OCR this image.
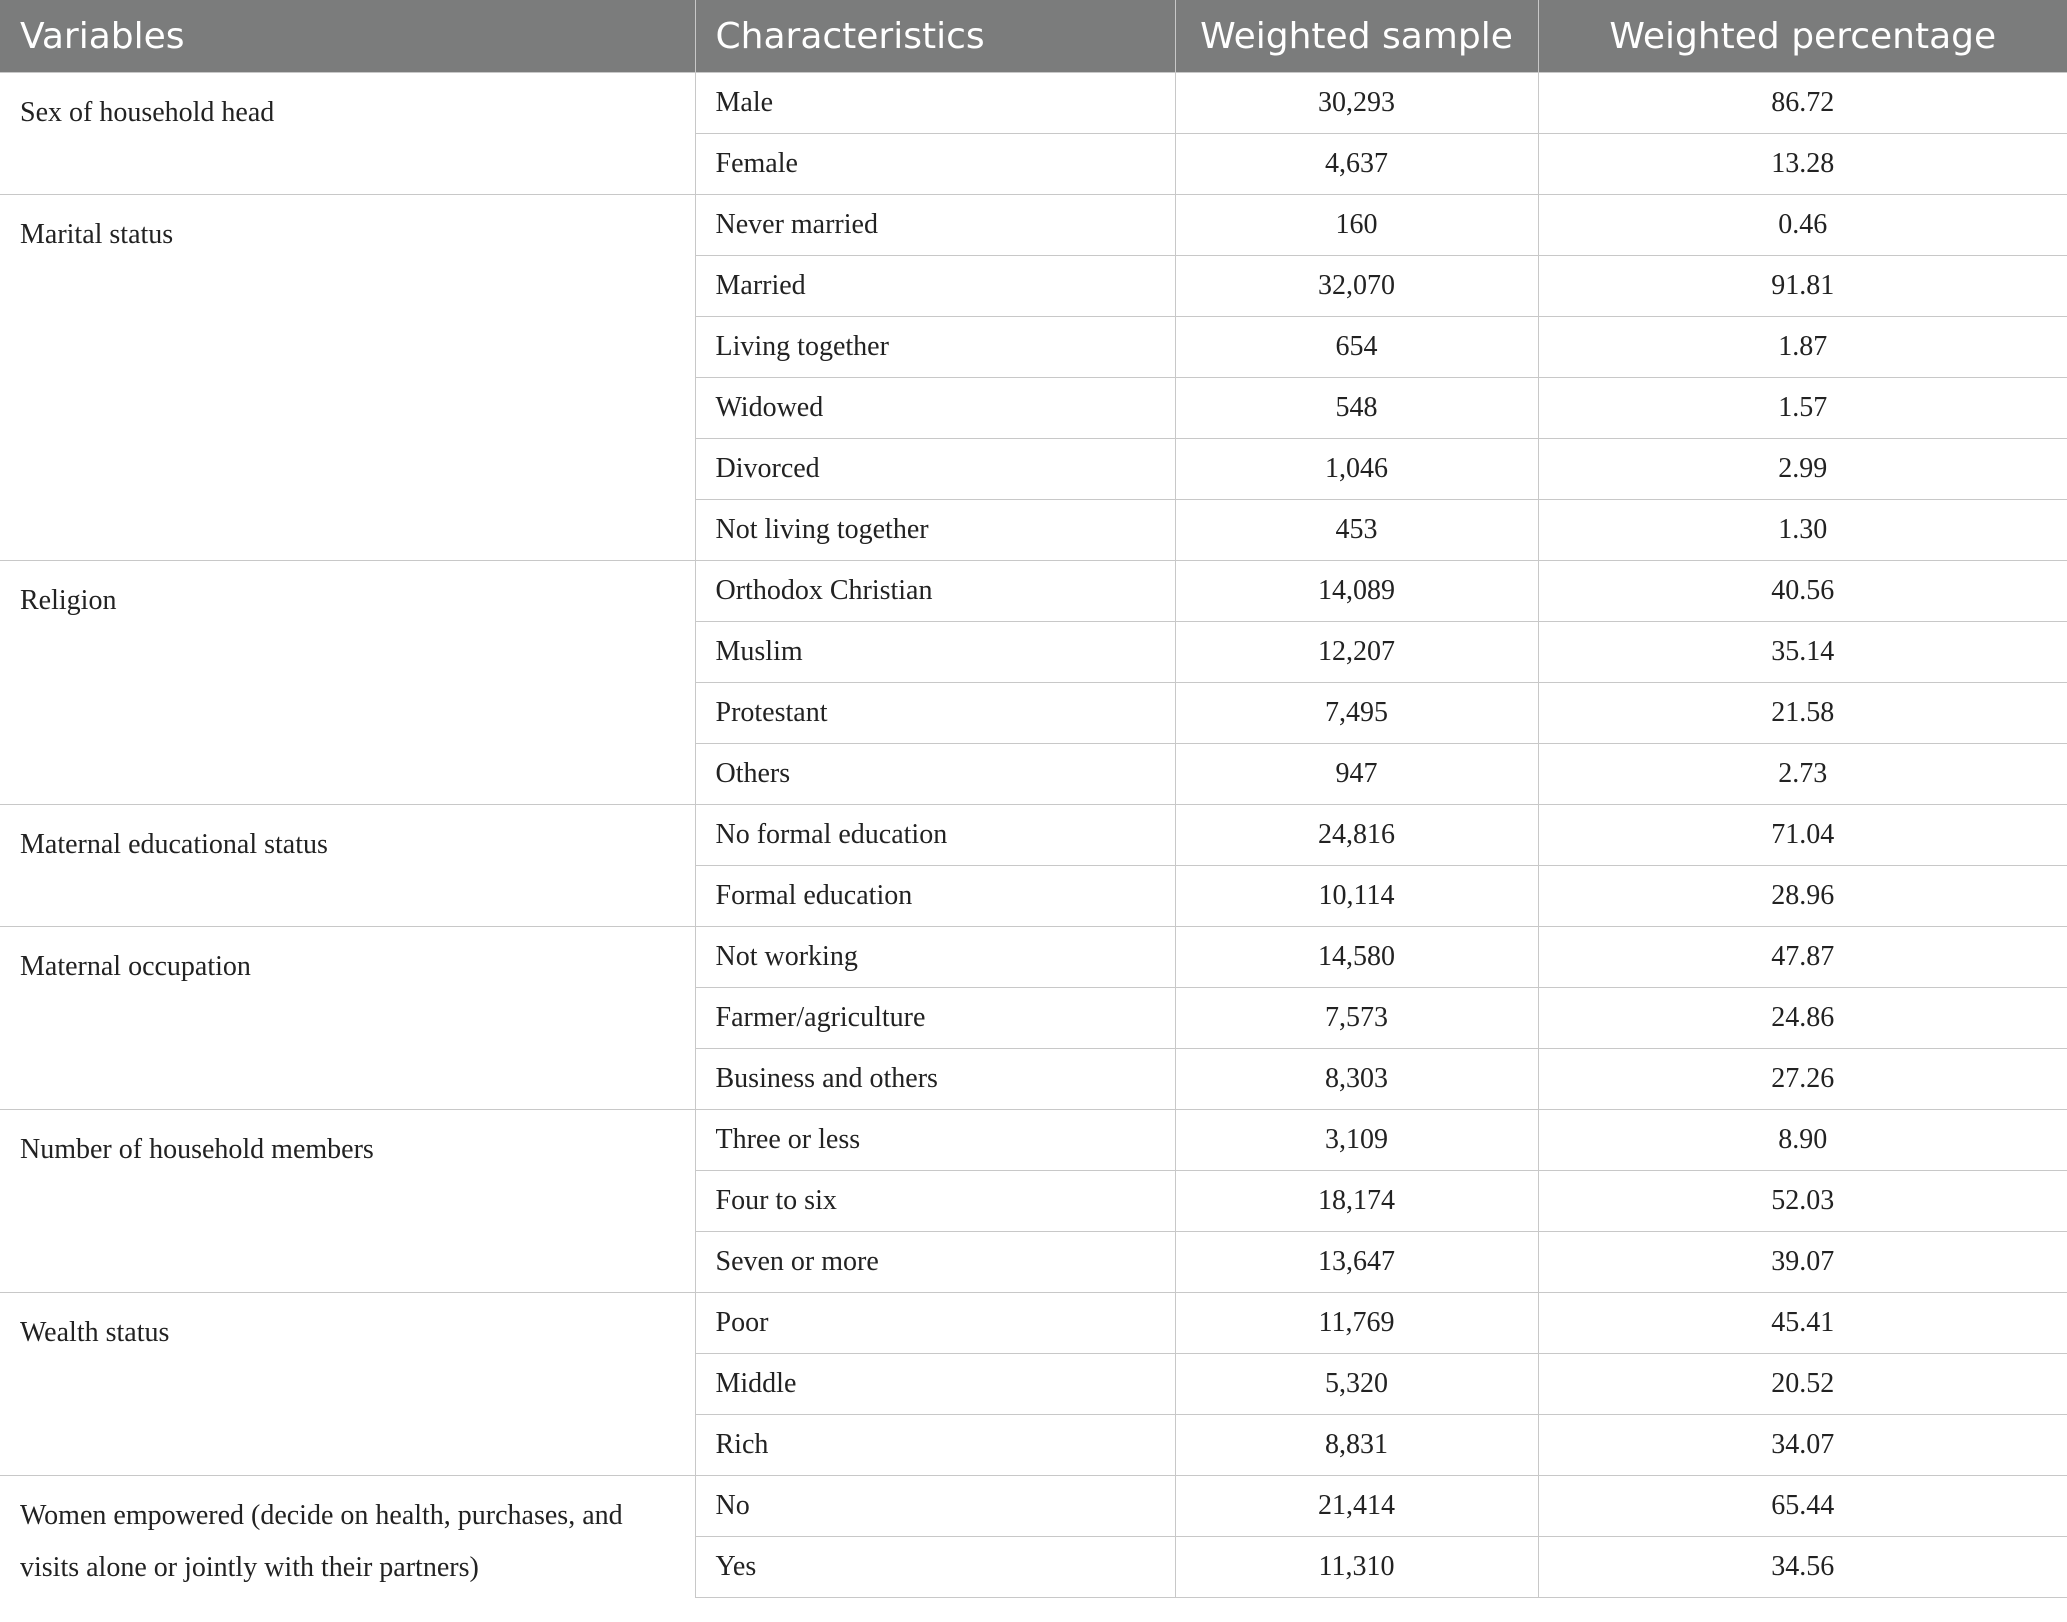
Variables	Characteristics	Weighted sample	Weighted percentage
Sex of household head	Male	30,293	86.72
	Female	4,637	13.28
Marital status	Never married	160	0.46
	Married	32,070	91.81
	Living together	654	1.87
	Widowed	548	1.57
	Divorced	1,046	2.99
	Not living together	453	1.30
Religion	Orthodox Christian	14,089	40.56
	Muslim	12,207	35.14
	Protestant	7,495	21.58
	Others	947	2.73
Maternal educational status	No formal education	24,816	71.04
	Formal education	10,114	28.96
Maternal occupation	Not working	14,580	47.87
	Farmer/agriculture	7,573	24.86
	Business and others	8,303	27.26
Number of household members	Three or less	3,109	8.90
	Four to six	18,174	52.03
	Seven or more	13,647	39.07
Wealth status	Poor	11,769	45.41
	Middle	5,320	20.52
	Rich	8,831	34.07
Women empowered (decide on health, purchases, and visits alone or jointly with their partners)	No	21,414	65.44
	Yes	11,310	34.56
